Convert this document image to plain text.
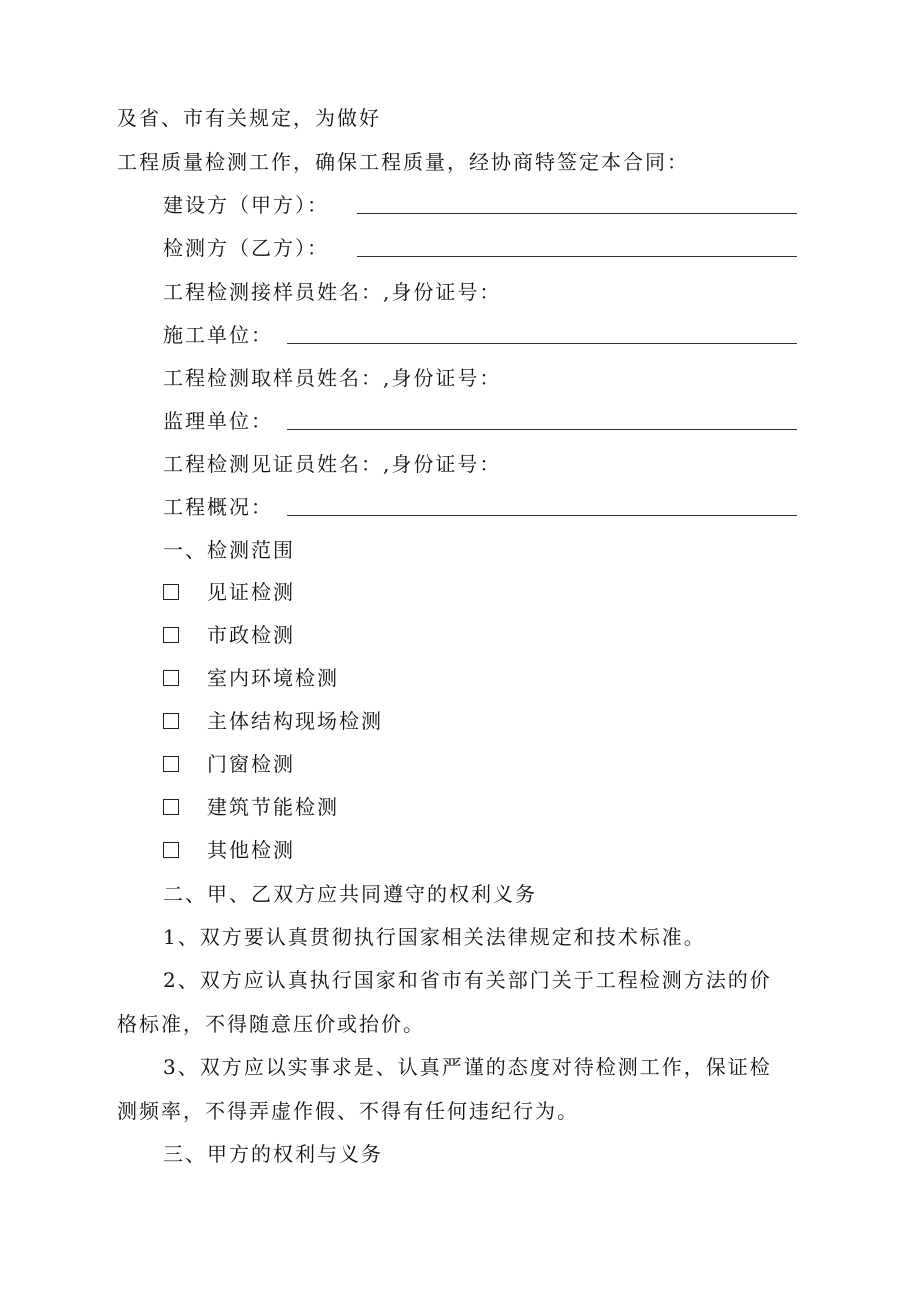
及省、市有关规定，为做好
工程质量检测工作，确保工程质量，经协商特签定本合同：
建设方（甲方）：
检测方（乙方）：
工程检测接样员姓名：,身份证号：
施工单位：
工程检测取样员姓名：,身份证号：
监理单位：
工程检测见证员姓名：,身份证号：
工程概况：
一、检测范围
见证检测
市政检测
室内环境检测
主体结构现场检测
门窗检测
建筑节能检测
其他检测
二、甲、乙双方应共同遵守的权利义务
1、双方要认真贯彻执行国家相关法律规定和技术标准。
2、双方应认真执行国家和省市有关部门关于工程检测方法的价
格标准，不得随意压价或抬价。
3、双方应以实事求是、认真严谨的态度对待检测工作，保证检
测频率，不得弄虚作假、不得有任何违纪行为。
三、甲方的权利与义务
